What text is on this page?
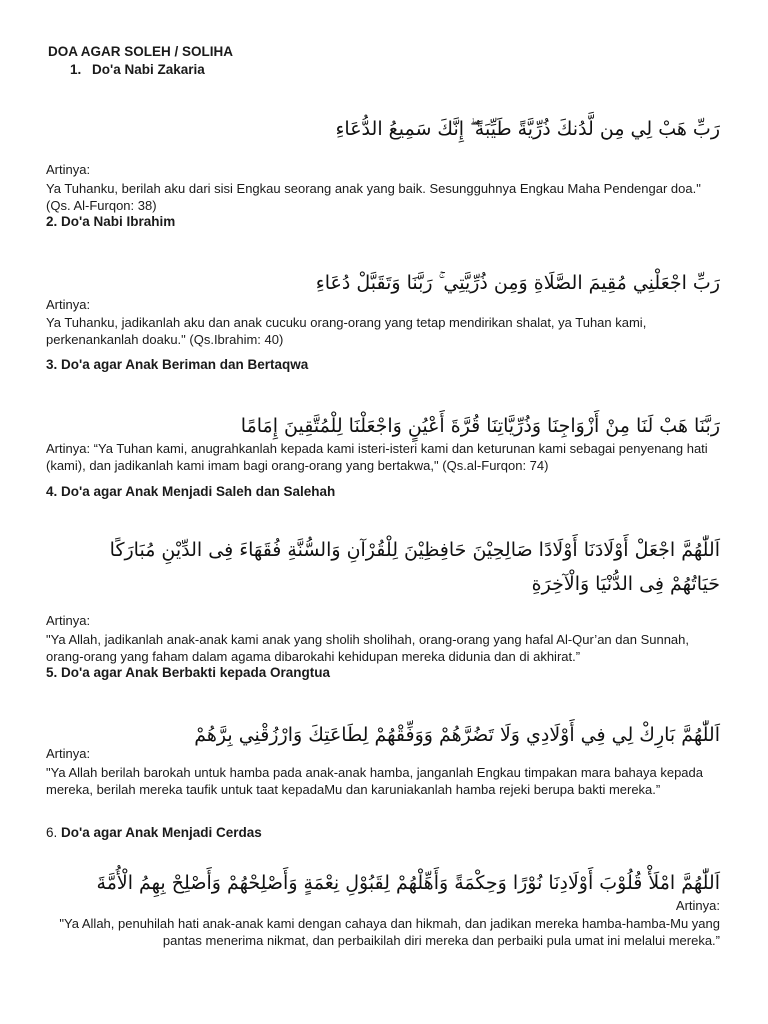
DOA AGAR SOLEH / SOLIHA
1. Do'a Nabi Zakaria
رَبِّ هَبْ لِي مِن لَّدُنكَ ذُرِّيَّةً طَيِّبَةً ۖ إِنَّكَ سَمِيعُ الدُّعَاءِ
Artinya:
Ya Tuhanku, berilah aku dari sisi Engkau seorang anak yang baik. Sesungguhnya Engkau Maha Pendengar doa." (Qs. Al-Furqon: 38)
2. Do'a Nabi Ibrahim
رَبِّ اجْعَلْنِي مُقِيمَ الصَّلَاةِ وَمِن ذُرِّيَّتِي ۚ رَبَّنَا وَتَقَبَّلْ دُعَاءِ
Artinya:
Ya Tuhanku, jadikanlah aku dan anak cucuku orang-orang yang tetap mendirikan shalat, ya Tuhan kami, perkenankanlah doaku." (Qs.Ibrahim: 40)
3. Do'a agar Anak Beriman dan Bertaqwa
رَبَّنَا هَبْ لَنَا مِنْ أَزْوَاجِنَا وَذُرِّيَّاتِنَا قُرَّةَ أَعْيُنٍ وَاجْعَلْنَا لِلْمُتَّقِينَ إِمَامًا
Artinya: “Ya Tuhan kami, anugrahkanlah kepada kami isteri-isteri kami dan keturunan kami sebagai penyenang hati (kami), dan jadikanlah kami imam bagi orang-orang yang bertakwa," (Qs.al-Furqon: 74)
4. Do'a agar Anak Menjadi Saleh dan Salehah
اَللّٰهُمَّ اجْعَلْ أَوْلَادَنَا أَوْلَادًا صَالِحِيْنَ حَافِظِيْنَ لِلْقُرْآنِ وَالسُّنَّةِ فُقَهَاءَ فِى الدِّيْنِ مُبَارَكًا حَيَاتُهُمْ فِى الدُّنْيَا وَالْآخِرَةِ
Artinya:
"Ya Allah, jadikanlah anak-anak kami anak yang sholih sholihah, orang-orang yang hafal Al-Qur’an dan Sunnah, orang-orang yang faham dalam agama dibarokahi kehidupan mereka didunia dan di akhirat.”
5. Do'a agar Anak Berbakti kepada Orangtua
اَللّٰهُمَّ بَارِكْ لِي فِي أَوْلَادِي وَلَا تَضُرَّهُمْ وَوَفِّقْهُمْ لِطَاعَتِكَ وَارْزُقْنِي بِرَّهُمْ
Artinya:
"Ya Allah berilah barokah untuk hamba pada anak-anak hamba, janganlah Engkau timpakan mara bahaya kepada mereka, berilah mereka taufik untuk taat kepadaMu dan karuniakanlah hamba rejeki berupa bakti mereka.”
6. Do'a agar Anak Menjadi Cerdas
اَللّٰهُمَّ امْلَأْ قُلُوْبَ أَوْلَادِنَا نُوْرًا وَحِكْمَةً وَأَهِّلْهُمْ لِقَبُوْلِ نِعْمَةٍ وَأَصْلِحْهُمْ وَأَصْلِحْ بِهِمُ الْأُمَّةَ
Artinya:
"Ya Allah, penuhilah hati anak-anak kami dengan cahaya dan hikmah, dan jadikan mereka hamba-hamba-Mu yang pantas menerima nikmat, dan perbaikilah diri mereka dan perbaiki pula umat ini melalui mereka.”
